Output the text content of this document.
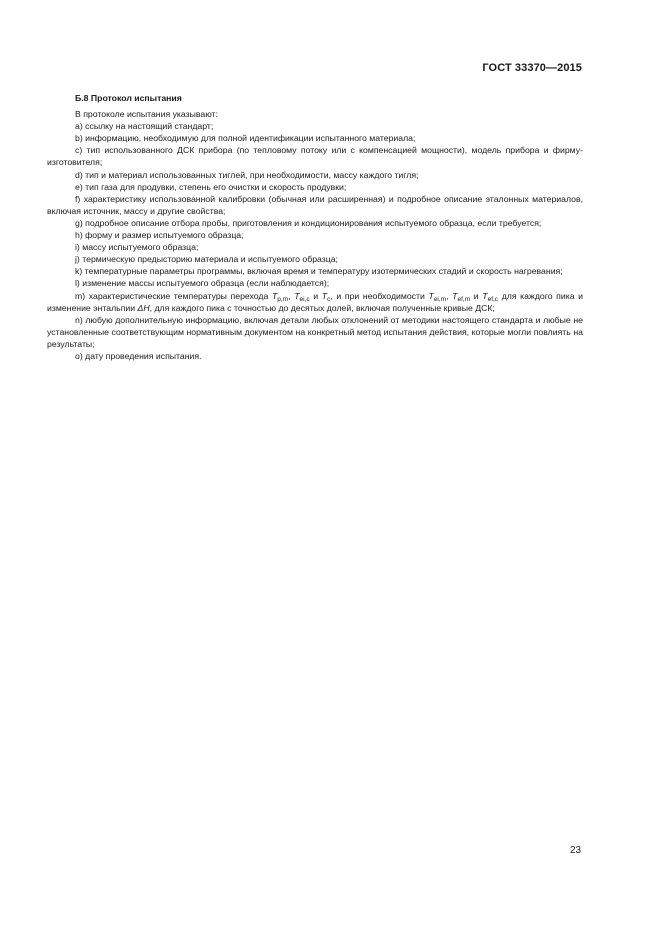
ГОСТ 33370—2015
Б.8 Протокол испытания

В протоколе испытания указывают:

a) ссылку на настоящий стандарт;

b) информацию, необходимую для полной идентификации испытанного материала;

c) тип использованного ДСК прибора (по тепловому потоку или с компенсацией мощности), модель прибора и фирму-изготовителя;

d) тип и материал использованных тиглей, при необходимости, массу каждого тигля;

e) тип газа для продувки, степень его очистки и скорость продувки;

f) характеристику использованной калибровки (обычная или расширенная) и подробное описание эталонных материалов, включая источник, массу и другие свойства;

g) подробное описание отбора пробы, приготовления и кондиционирования испытуемого образца, если требуется;

h) форму и размер испытуемого образца;

i) массу испытуемого образца;

j) термическую предысторию материала и испытуемого образца;

k) температурные параметры программы, включая время и температуру изотермических стадий и скорость нагревания;

l) изменение массы испытуемого образца (если наблюдается);

m) характеристические температуры перехода $T_{p,m}$, $T_{ei,c}$ и $T_c$, и при необходимости $T_{ei,m}$, $T_{ef,m}$ и $T_{ef,c}$ для каждого пика и изменение энтальпии ΔH, для каждого пика с точностью до десятых долей, включая полученные кривые ДСК;

n) любую дополнительную информацию, включая детали любых отклонений от методики настоящего стандарта и любые не установленные соответствующим нормативным документом на конкретный метод испытания действия, которые могли повлиять на результаты;

o) дату проведения испытания.

23
